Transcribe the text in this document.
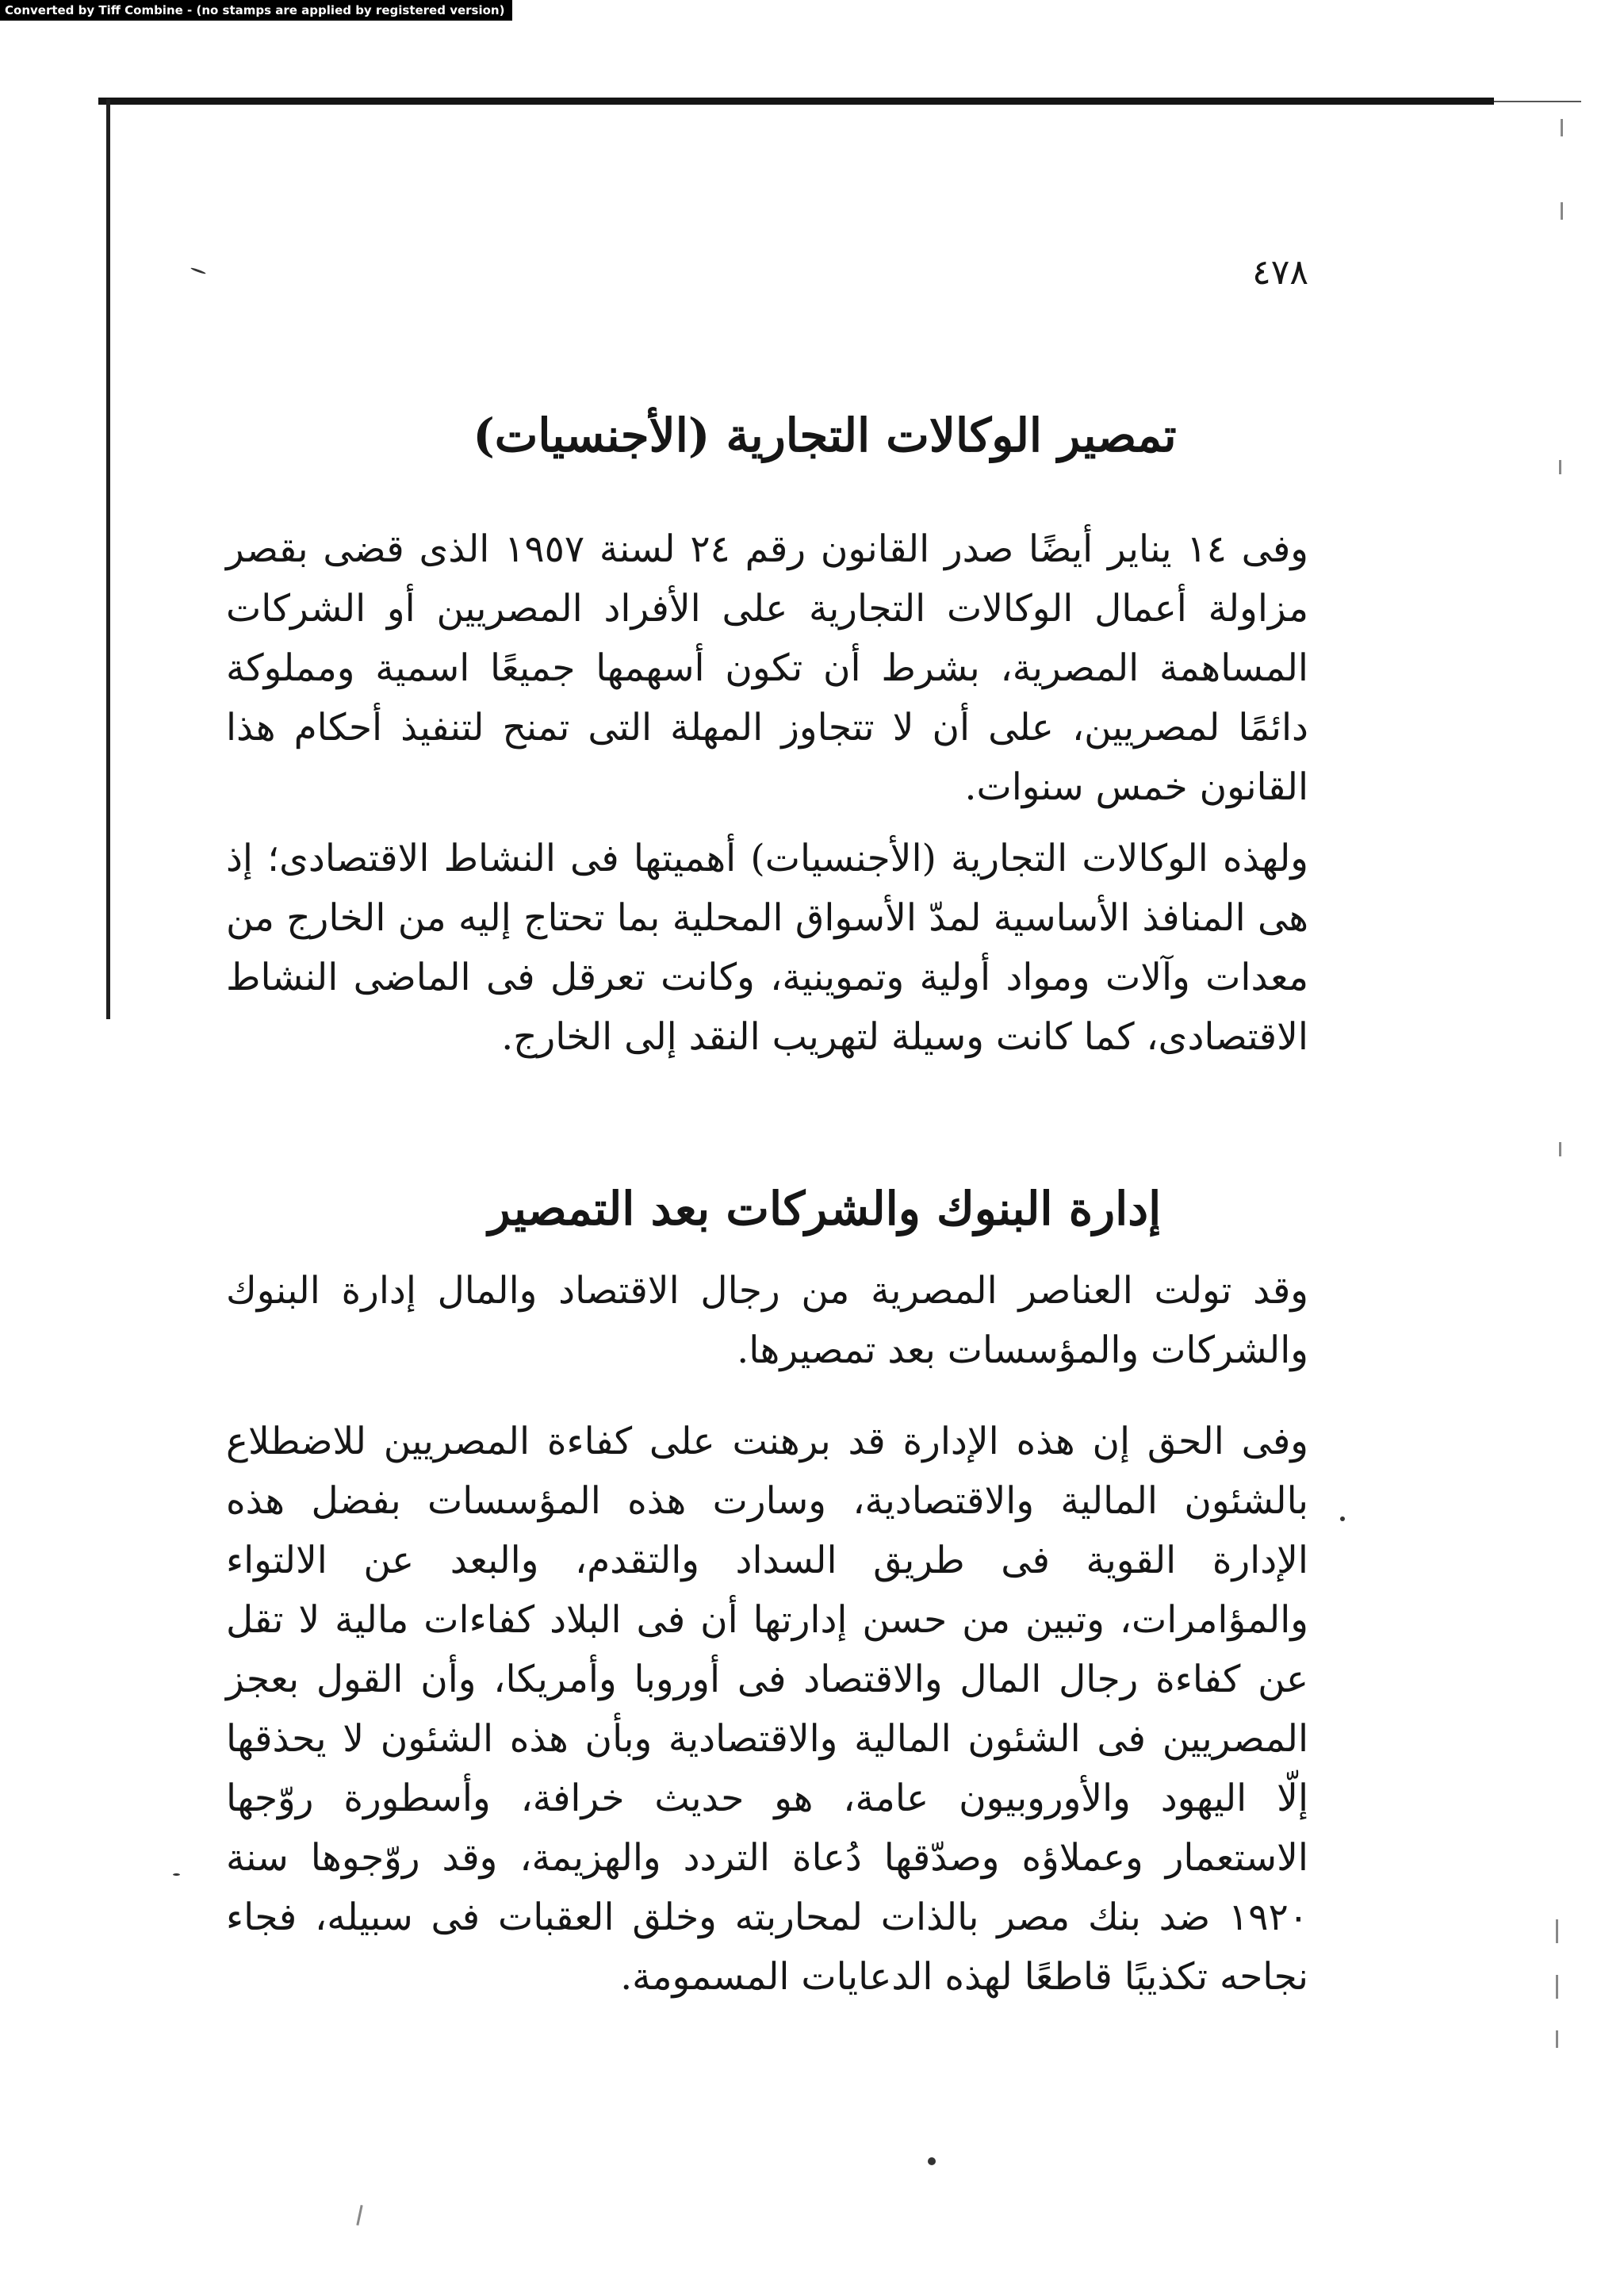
Converted by Tiff Combine - (no stamps are applied by registered version)
٤٧٨
تمصير الوكالات التجارية (الأجنسيات)

وفى ١٤ يناير أيضًا صدر القانون رقم ٢٤ لسنة ١٩٥٧ الذى قضى بقصر مزاولة أعمال الوكالات التجارية على الأفراد المصريين أو الشركات المساهمة المصرية، بشرط أن تكون أسهمها جميعًا اسمية ومملوكة دائمًا لمصريين، على أن لا تتجاوز المهلة التى تمنح لتنفيذ أحكام هذا القانون خمس سنوات.

ولهذه الوكالات التجارية (الأجنسيات) أهميتها فى النشاط الاقتصادى؛ إذ هى المنافذ الأساسية لمدّ الأسواق المحلية بما تحتاج إليه من الخارج من معدات وآلات ومواد أولية وتموينية، وكانت تعرقل فى الماضى النشاط الاقتصادى، كما كانت وسيلة لتهريب النقد إلى الخارج.

إدارة البنوك والشركات بعد التمصير

وقد تولت العناصر المصرية من رجال الاقتصاد والمال إدارة البنوك والشركات والمؤسسات بعد تمصيرها.

وفى الحق إن هذه الإدارة قد برهنت على كفاءة المصريين للاضطلاع بالشئون المالية والاقتصادية، وسارت هذه المؤسسات بفضل هذه الإدارة القوية فى طريق السداد والتقدم، والبعد عن الالتواء والمؤامرات، وتبين من حسن إدارتها أن فى البلاد كفاءات مالية لا تقل عن كفاءة رجال المال والاقتصاد فى أوروبا وأمريكا، وأن القول بعجز المصريين فى الشئون المالية والاقتصادية وبأن هذه الشئون لا يحذقها إلّا اليهود والأوروبيون عامة، هو حديث خرافة، وأسطورة روّجها الاستعمار وعملاؤه وصدّقها دُعاة التردد والهزيمة، وقد روّجوها سنة ١٩٢٠ ضد بنك مصر بالذات لمحاربته وخلق العقبات فى سبيله، فجاء نجاحه تكذيبًا قاطعًا لهذه الدعايات المسمومة.
